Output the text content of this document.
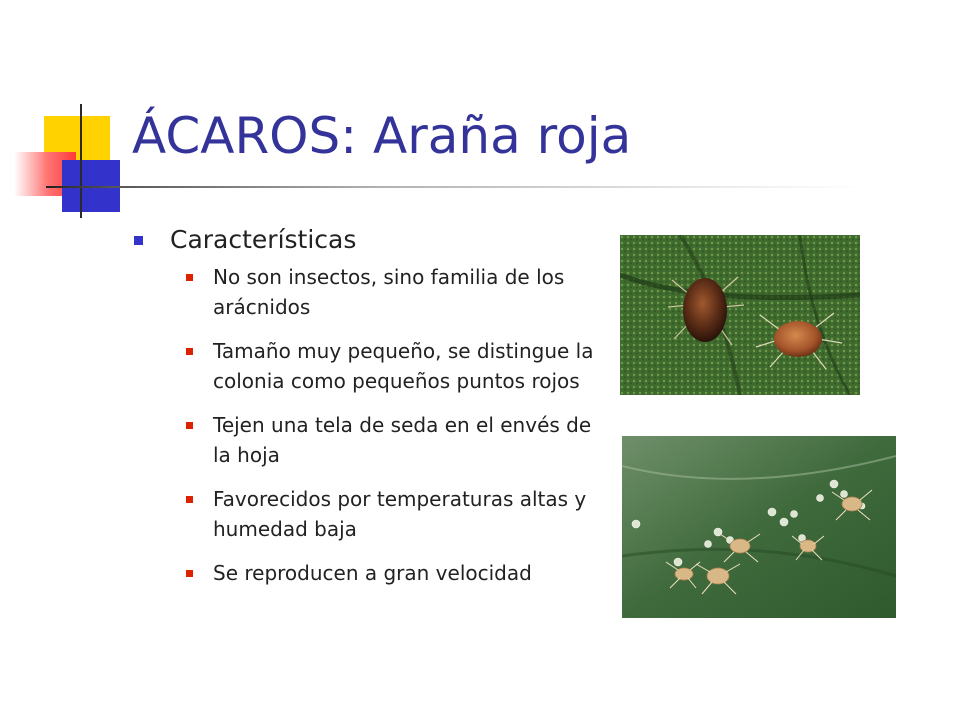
ÁCAROS: Araña roja
Características
No son insectos, sino familia de los arácnidos
Tamaño muy pequeño, se distingue la colonia como pequeños puntos rojos
Tejen una tela de seda en el envés de la hoja
Favorecidos por temperaturas altas y humedad baja
Se reproducen a gran velocidad
